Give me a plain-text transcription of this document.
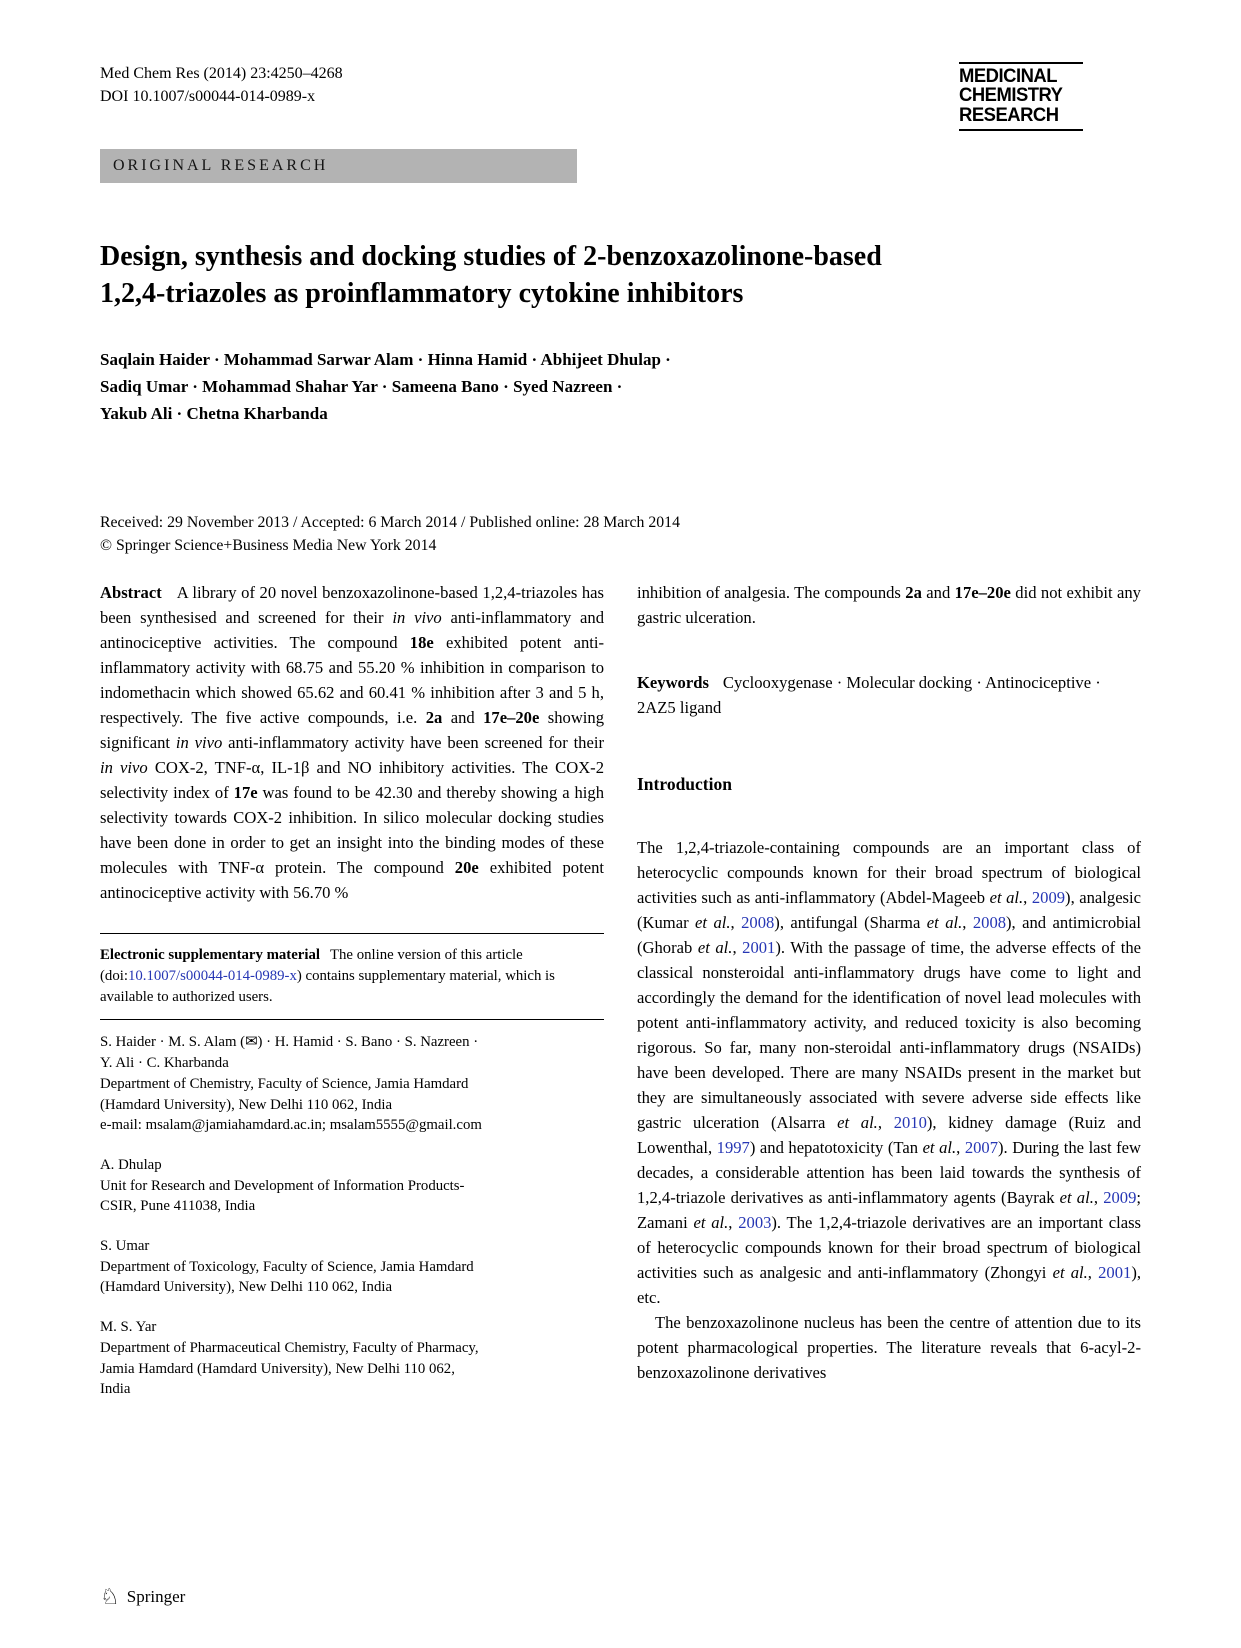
Med Chem Res (2014) 23:4250–4268
DOI 10.1007/s00044-014-0989-x
MEDICINAL
CHEMISTRY
RESEARCH
ORIGINAL RESEARCH
Design, synthesis and docking studies of 2-benzoxazolinone-based
1,2,4-triazoles as proinflammatory cytokine inhibitors
Saqlain Haider · Mohammad Sarwar Alam · Hinna Hamid · Abhijeet Dhulap ·
Sadiq Umar · Mohammad Shahar Yar · Sameena Bano · Syed Nazreen ·
Yakub Ali · Chetna Kharbanda
Received: 29 November 2013 / Accepted: 6 March 2014 / Published online: 28 March 2014
© Springer Science+Business Media New York 2014

Abstract A library of 20 novel benzoxazolinone-based 1,2,4-triazoles has been synthesised and screened for their in vivo anti-inflammatory and antinociceptive activities. The compound 18e exhibited potent anti-inflammatory activity with 68.75 and 55.20 % inhibition in comparison to indomethacin which showed 65.62 and 60.41 % inhibition after 3 and 5 h, respectively. The five active compounds, i.e. 2a and 17e–20e showing significant in vivo anti-inflammatory activity have been screened for their in vivo COX-2, TNF-α, IL-1β and NO inhibitory activities. The COX-2 selectivity index of 17e was found to be 42.30 and thereby showing a high selectivity towards COX-2 inhibition. In silico molecular docking studies have been done in order to get an insight into the binding modes of these molecules with TNF-α protein. The compound 20e exhibited potent antinociceptive activity with 56.70 %

Electronic supplementary material The online version of this article (doi:10.1007/s00044-014-0989-x) contains supplementary material, which is available to authorized users.

S. Haider · M. S. Alam (✉) · H. Hamid · S. Bano · S. Nazreen ·
Y. Ali · C. Kharbanda
Department of Chemistry, Faculty of Science, Jamia Hamdard
(Hamdard University), New Delhi 110 062, India
e-mail: msalam@jamiahamdard.ac.in; msalam5555@gmail.com
A. Dhulap
Unit for Research and Development of Information Products-
CSIR, Pune 411038, India
S. Umar
Department of Toxicology, Faculty of Science, Jamia Hamdard
(Hamdard University), New Delhi 110 062, India
M. S. Yar
Department of Pharmaceutical Chemistry, Faculty of Pharmacy,
Jamia Hamdard (Hamdard University), New Delhi 110 062,
India

inhibition of analgesia. The compounds 2a and 17e–20e did not exhibit any gastric ulceration.

Keywords Cyclooxygenase · Molecular docking · Antinociceptive · 2AZ5 ligand

Introduction

The 1,2,4-triazole-containing compounds are an important class of heterocyclic compounds known for their broad spectrum of biological activities such as anti-inflammatory (Abdel-Mageeb et al., 2009), analgesic (Kumar et al., 2008), antifungal (Sharma et al., 2008), and antimicrobial (Ghorab et al., 2001). With the passage of time, the adverse effects of the classical nonsteroidal anti-inflammatory drugs have come to light and accordingly the demand for the identification of novel lead molecules with potent anti-inflammatory activity, and reduced toxicity is also becoming rigorous. So far, many non-steroidal anti-inflammatory drugs (NSAIDs) have been developed. There are many NSAIDs present in the market but they are simultaneously associated with severe adverse side effects like gastric ulceration (Alsarra et al., 2010), kidney damage (Ruiz and Lowenthal, 1997) and hepatotoxicity (Tan et al., 2007). During the last few decades, a considerable attention has been laid towards the synthesis of 1,2,4-triazole derivatives as anti-inflammatory agents (Bayrak et al., 2009; Zamani et al., 2003). The 1,2,4-triazole derivatives are an important class of heterocyclic compounds known for their broad spectrum of biological activities such as analgesic and anti-inflammatory (Zhongyi et al., 2001), etc.

The benzoxazolinone nucleus has been the centre of attention due to its potent pharmacological properties. The literature reveals that 6-acyl-2-benzoxazolinone derivatives

♘ Springer
